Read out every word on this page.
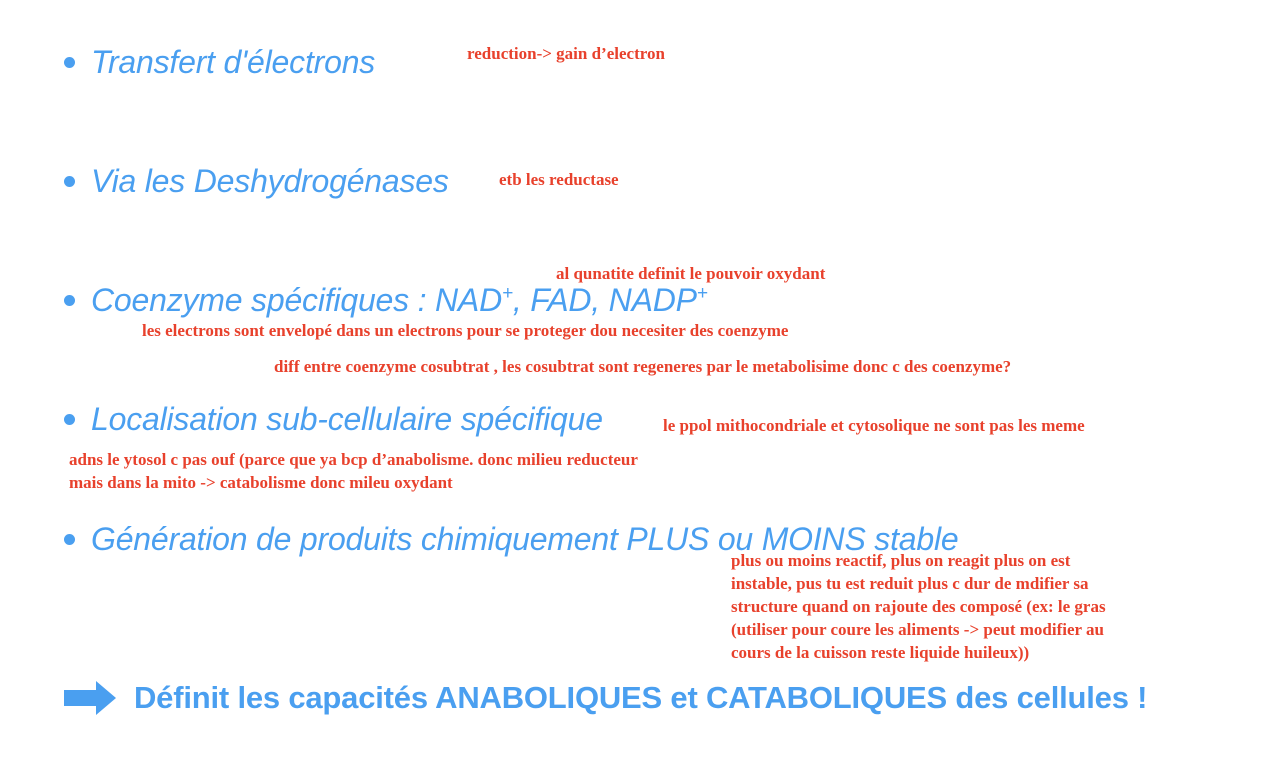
Transfert d'électrons
Via les Deshydrogénases
Coenzyme spécifiques : NAD+, FAD, NADP+
Localisation sub-cellulaire spécifique
Génération de produits chimiquement PLUS ou MOINS stable
reduction-> gain d’electron
etb les reductase
al qunatite definit le pouvoir oxydant
les electrons sont envelopé dans un electrons pour se proteger dou necesiter des coenzyme
diff entre coenzyme cosubtrat , les cosubtrat sont regeneres par le metabolisime donc c des coenzyme?
le ppol mithocondriale et cytosolique ne sont pas les meme
adns le ytosol c pas ouf (parce que ya bcp d’anabolisme. donc milieu reducteur
mais dans la mito -> catabolisme donc mileu oxydant
plus ou moins reactif, plus on reagit plus on est
instable, pus tu est reduit plus c dur de mdifier sa
structure quand on rajoute des composé (ex: le gras
(utiliser pour coure les aliments -> peut modifier au
cours de la cuisson reste liquide huileux))
Définit les capacités ANABOLIQUES et CATABOLIQUES des cellules !
